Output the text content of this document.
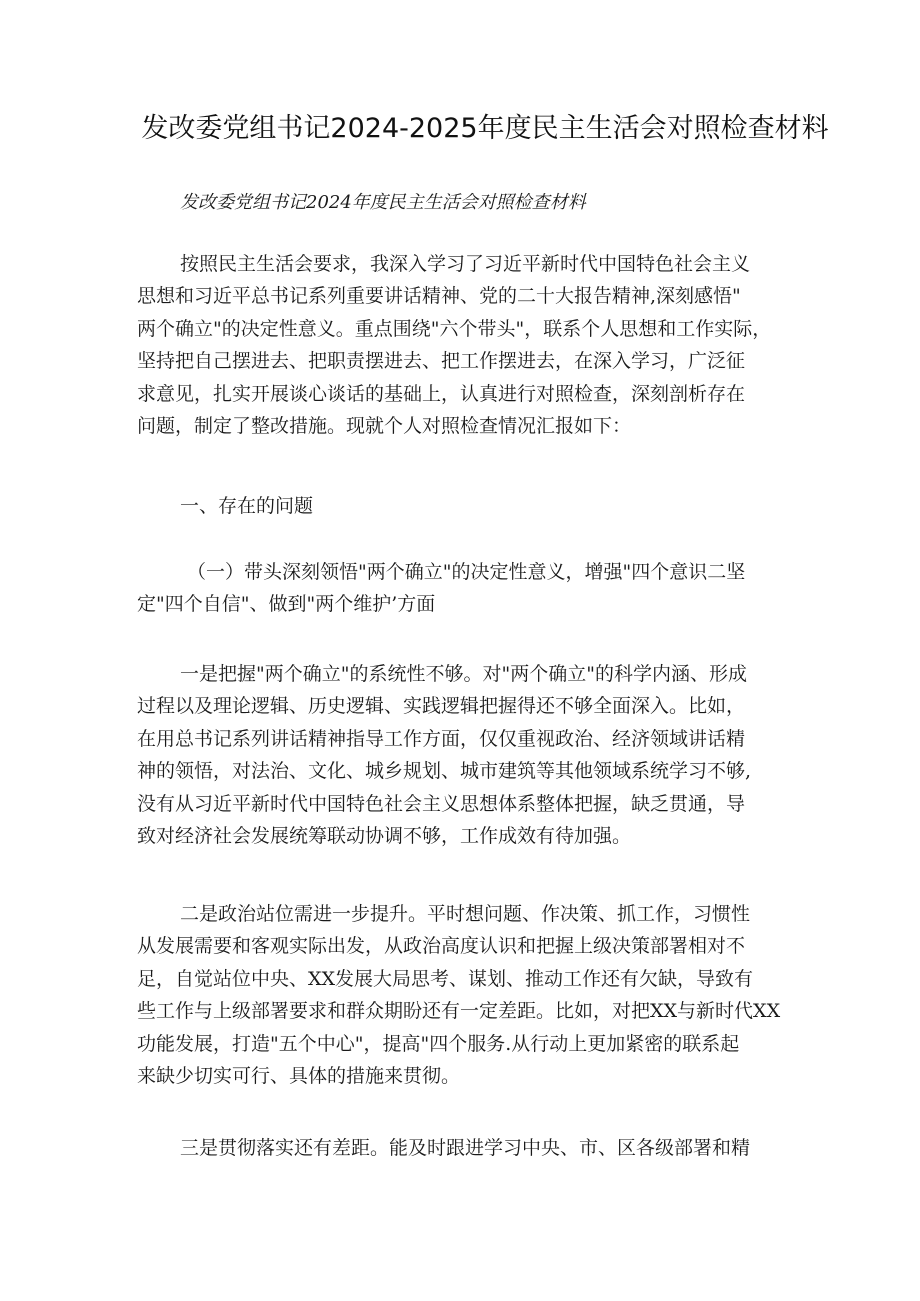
发改委党组书记2024-2025年度民主生活会对照检查材料

发改委党组书记2024年度民主生活会对照检查材料

按照民主生活会要求，我深入学习了习近平新时代中国特色社会主义
思想和习近平总书记系列重要讲话精神、党的二十大报告精神,深刻感悟"
两个确立"的决定性意义。重点围绕"六个带头"，联系个人思想和工作实际，
坚持把自己摆进去、把职责摆进去、把工作摆进去，在深入学习，广泛征
求意见，扎实开展谈心谈话的基础上，认真进行对照检查，深刻剖析存在
问题，制定了整改措施。现就个人对照检查情况汇报如下：

一、存在的问题

（一）带头深刻领悟"两个确立"的决定性意义，增强"四个意识二坚
定"四个自信"、做到"两个维护’方面
一是把握"两个确立"的系统性不够。对"两个确立"的科学内涵、形成
过程以及理论逻辑、历史逻辑、实践逻辑把握得还不够全面深入。比如，
在用总书记系列讲话精神指导工作方面，仅仅重视政治、经济领域讲话精
神的领悟，对法治、文化、城乡规划、城市建筑等其他领域系统学习不够,
没有从习近平新时代中国特色社会主义思想体系整体把握，缺乏贯通，导
致对经济社会发展统筹联动协调不够，工作成效有待加强。
二是政治站位需进一步提升。平时想问题、作决策、抓工作，习惯性
从发展需要和客观实际出发，从政治高度认识和把握上级决策部署相对不
足，自觉站位中央、XX发展大局思考、谋划、推动工作还有欠缺，导致有
些工作与上级部署要求和群众期盼还有一定差距。比如，对把XX与新时代XX
功能发展，打造"五个中心"，提高"四个服务.从行动上更加紧密的联系起
来缺少切实可行、具体的措施来贯彻。
三是贯彻落实还有差距。能及时跟进学习中央、市、区各级部署和精
